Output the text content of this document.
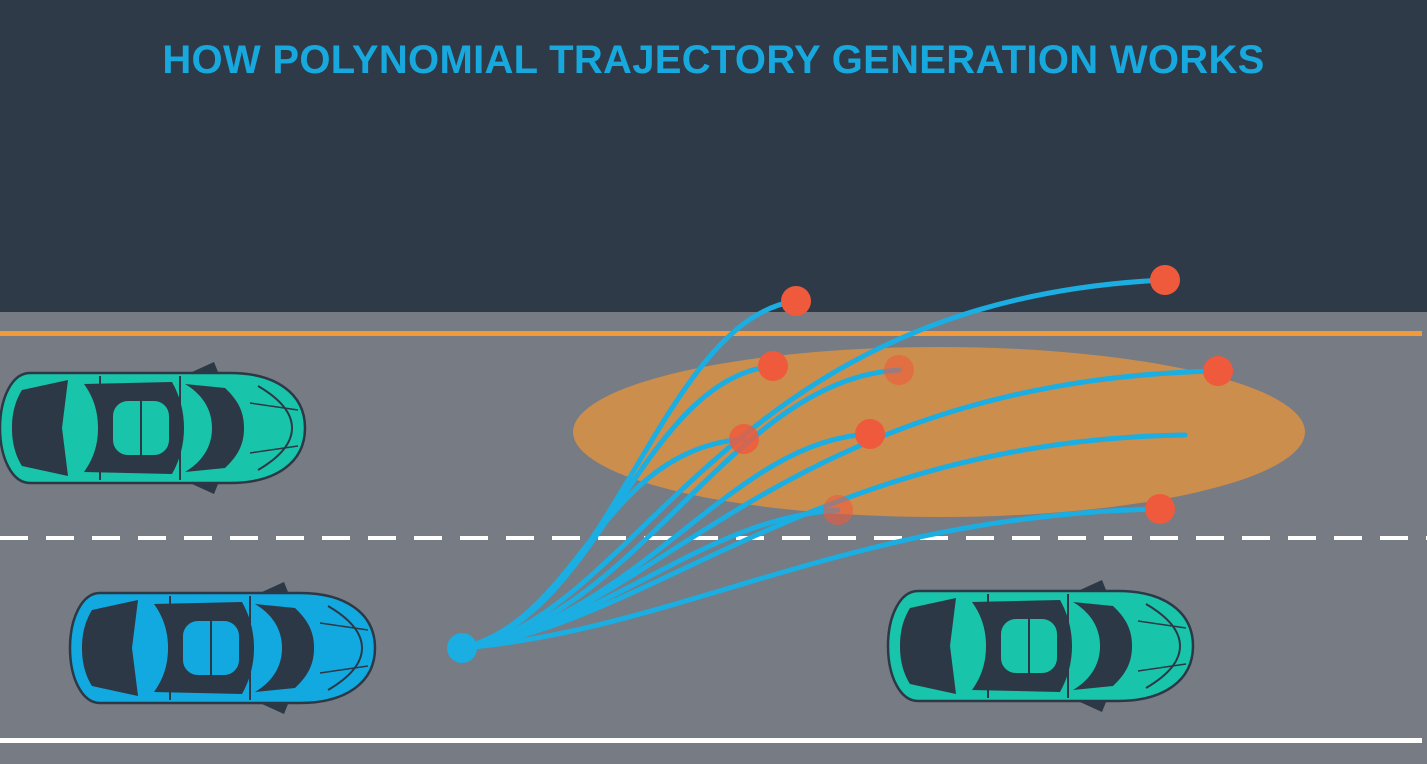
HOW POLYNOMIAL TRAJECTORY GENERATION WORKS
